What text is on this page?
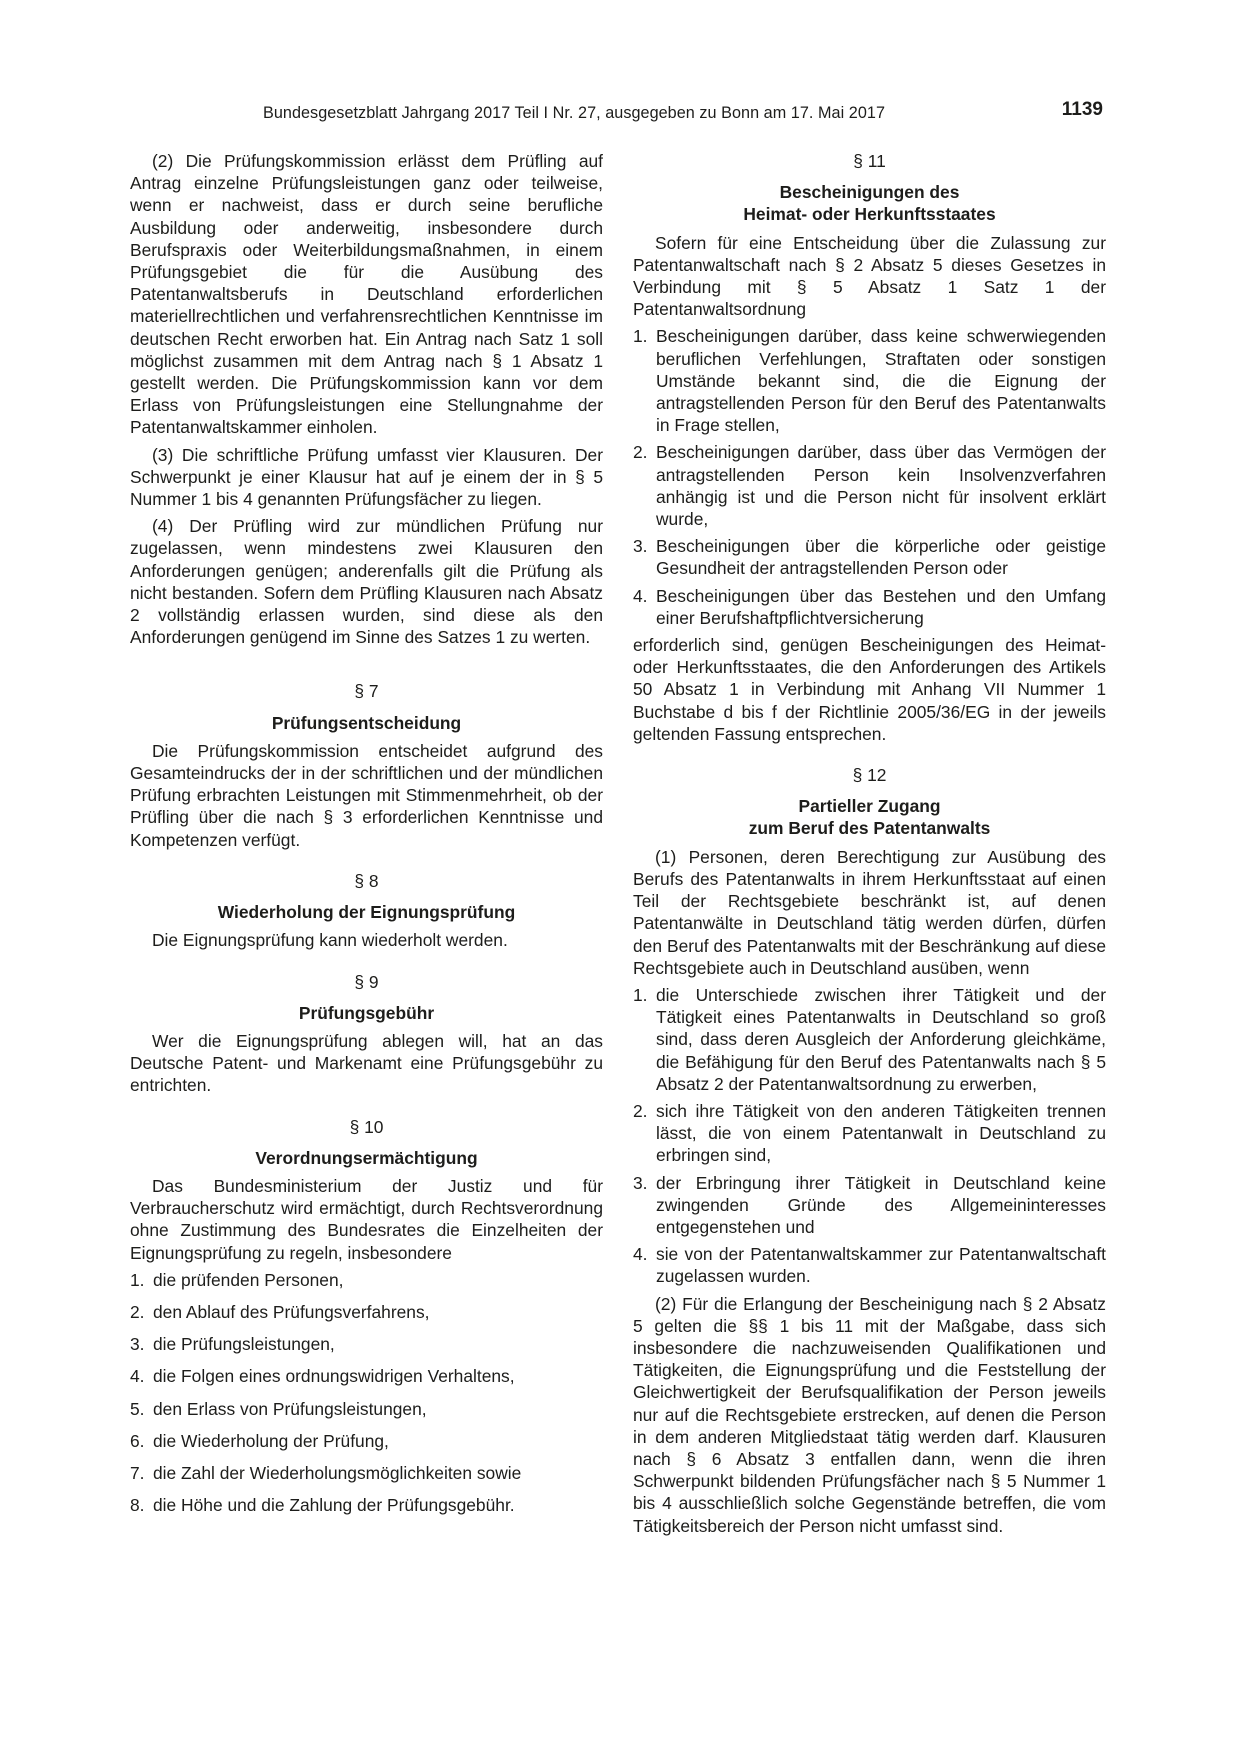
Bundesgesetzblatt Jahrgang 2017 Teil I Nr. 27, ausgegeben zu Bonn am 17. Mai 2017	1139

(2) Die Prüfungskommission erlässt dem Prüfling auf Antrag einzelne Prüfungsleistungen ganz oder teilweise, wenn er nachweist, dass er durch seine berufliche Ausbildung oder anderweitig, insbesondere durch Berufspraxis oder Weiterbildungsmaßnahmen, in einem Prüfungsgebiet die für die Ausübung des Patentanwaltsberufs in Deutschland erforderlichen materiellrechtlichen und verfahrensrechtlichen Kenntnisse im deutschen Recht erworben hat. Ein Antrag nach Satz 1 soll möglichst zusammen mit dem Antrag nach § 1 Absatz 1 gestellt werden. Die Prüfungskommission kann vor dem Erlass von Prüfungsleistungen eine Stellungnahme der Patentanwaltskammer einholen.

(3) Die schriftliche Prüfung umfasst vier Klausuren. Der Schwerpunkt je einer Klausur hat auf je einem der in § 5 Nummer 1 bis 4 genannten Prüfungsfächer zu liegen.

(4) Der Prüfling wird zur mündlichen Prüfung nur zugelassen, wenn mindestens zwei Klausuren den Anforderungen genügen; anderenfalls gilt die Prüfung als nicht bestanden. Sofern dem Prüfling Klausuren nach Absatz 2 vollständig erlassen wurden, sind diese als den Anforderungen genügend im Sinne des Satzes 1 zu werten.

§ 7
Prüfungsentscheidung

Die Prüfungskommission entscheidet aufgrund des Gesamteindrucks der in der schriftlichen und der mündlichen Prüfung erbrachten Leistungen mit Stimmenmehrheit, ob der Prüfling über die nach § 3 erforderlichen Kenntnisse und Kompetenzen verfügt.

§ 8
Wiederholung der Eignungsprüfung

Die Eignungsprüfung kann wiederholt werden.

§ 9
Prüfungsgebühr

Wer die Eignungsprüfung ablegen will, hat an das Deutsche Patent- und Markenamt eine Prüfungsgebühr zu entrichten.

§ 10
Verordnungsermächtigung

Das Bundesministerium der Justiz und für Verbraucherschutz wird ermächtigt, durch Rechtsverordnung ohne Zustimmung des Bundesrates die Einzelheiten der Eignungsprüfung zu regeln, insbesondere

1. die prüfenden Personen,
2. den Ablauf des Prüfungsverfahrens,
3. die Prüfungsleistungen,
4. die Folgen eines ordnungswidrigen Verhaltens,
5. den Erlass von Prüfungsleistungen,
6. die Wiederholung der Prüfung,
7. die Zahl der Wiederholungsmöglichkeiten sowie
8. die Höhe und die Zahlung der Prüfungsgebühr.
§ 11
Bescheinigungen des
Heimat- oder Herkunftsstaates

Sofern für eine Entscheidung über die Zulassung zur Patentanwaltschaft nach § 2 Absatz 5 dieses Gesetzes in Verbindung mit § 5 Absatz 1 Satz 1 der Patentanwaltsordnung

1. Bescheinigungen darüber, dass keine schwerwiegenden beruflichen Verfehlungen, Straftaten oder sonstigen Umstände bekannt sind, die die Eignung der antragstellenden Person für den Beruf des Patentanwalts in Frage stellen,
2. Bescheinigungen darüber, dass über das Vermögen der antragstellenden Person kein Insolvenzverfahren anhängig ist und die Person nicht für insolvent erklärt wurde,
3. Bescheinigungen über die körperliche oder geistige Gesundheit der antragstellenden Person oder
4. Bescheinigungen über das Bestehen und den Umfang einer Berufshaftpflichtversicherung

erforderlich sind, genügen Bescheinigungen des Heimat- oder Herkunftsstaates, die den Anforderungen des Artikels 50 Absatz 1 in Verbindung mit Anhang VII Nummer 1 Buchstabe d bis f der Richtlinie 2005/36/EG in der jeweils geltenden Fassung entsprechen.

§ 12
Partieller Zugang
zum Beruf des Patentanwalts

(1) Personen, deren Berechtigung zur Ausübung des Berufs des Patentanwalts in ihrem Herkunftsstaat auf einen Teil der Rechtsgebiete beschränkt ist, auf denen Patentanwälte in Deutschland tätig werden dürfen, dürfen den Beruf des Patentanwalts mit der Beschränkung auf diese Rechtsgebiete auch in Deutschland ausüben, wenn

1. die Unterschiede zwischen ihrer Tätigkeit und der Tätigkeit eines Patentanwalts in Deutschland so groß sind, dass deren Ausgleich der Anforderung gleichkäme, die Befähigung für den Beruf des Patentanwalts nach § 5 Absatz 2 der Patentanwaltsordnung zu erwerben,
2. sich ihre Tätigkeit von den anderen Tätigkeiten trennen lässt, die von einem Patentanwalt in Deutschland zu erbringen sind,
3. der Erbringung ihrer Tätigkeit in Deutschland keine zwingenden Gründe des Allgemeininteresses entgegenstehen und
4. sie von der Patentanwaltskammer zur Patentanwaltschaft zugelassen wurden.

(2) Für die Erlangung der Bescheinigung nach § 2 Absatz 5 gelten die §§ 1 bis 11 mit der Maßgabe, dass sich insbesondere die nachzuweisenden Qualifikationen und Tätigkeiten, die Eignungsprüfung und die Feststellung der Gleichwertigkeit der Berufsqualifikation der Person jeweils nur auf die Rechtsgebiete erstrecken, auf denen die Person in dem anderen Mitgliedstaat tätig werden darf. Klausuren nach § 6 Absatz 3 entfallen dann, wenn die ihren Schwerpunkt bildenden Prüfungsfächer nach § 5 Nummer 1 bis 4 ausschließlich solche Gegenstände betreffen, die vom Tätigkeitsbereich der Person nicht umfasst sind.
